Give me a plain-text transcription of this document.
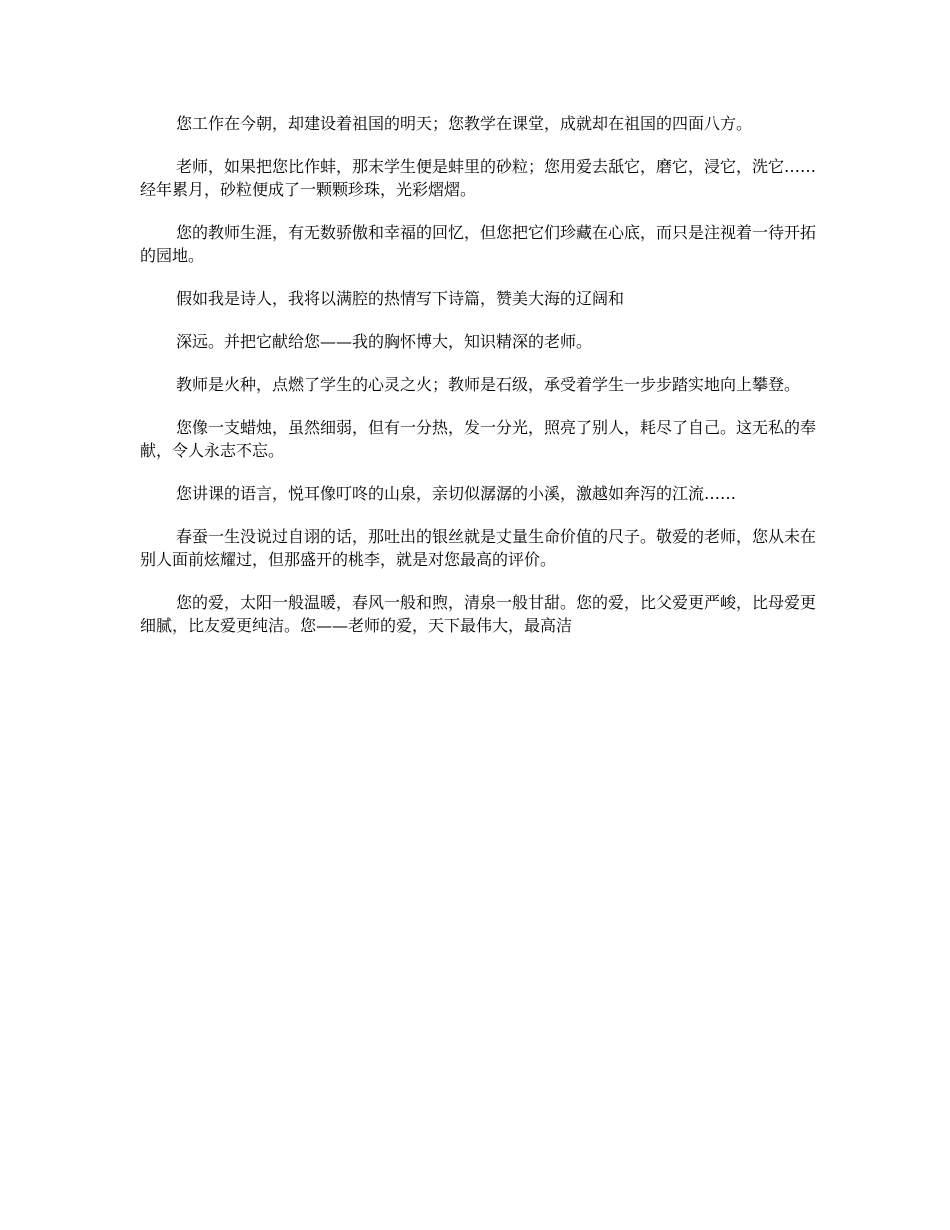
您工作在今朝，却建设着祖国的明天；您教学在课堂，成就却在祖国的四面八方。

老师，如果把您比作蚌，那末学生便是蚌里的砂粒；您用爱去舐它，磨它，浸它，洗它……经年累月，砂粒便成了一颗颗珍珠，光彩熠熠。

您的教师生涯，有无数骄傲和幸福的回忆，但您把它们珍藏在心底，而只是注视着一待开拓的园地。

假如我是诗人，我将以满腔的热情写下诗篇，赞美大海的辽阔和

深远。并把它献给您——我的胸怀博大，知识精深的老师。

教师是火种，点燃了学生的心灵之火；教师是石级，承受着学生一步步踏实地向上攀登。

您像一支蜡烛，虽然细弱，但有一分热，发一分光，照亮了别人，耗尽了自己。这无私的奉献，令人永志不忘。

您讲课的语言，悦耳像叮咚的山泉，亲切似潺潺的小溪，激越如奔泻的江流……

春蚕一生没说过自诩的话，那吐出的银丝就是丈量生命价值的尺子。敬爱的老师，您从未在别人面前炫耀过，但那盛开的桃李，就是对您最高的评价。

您的爱，太阳一般温暖，春风一般和煦，清泉一般甘甜。您的爱，比父爱更严峻，比母爱更细腻，比友爱更纯洁。您——老师的爱，天下最伟大，最高洁
